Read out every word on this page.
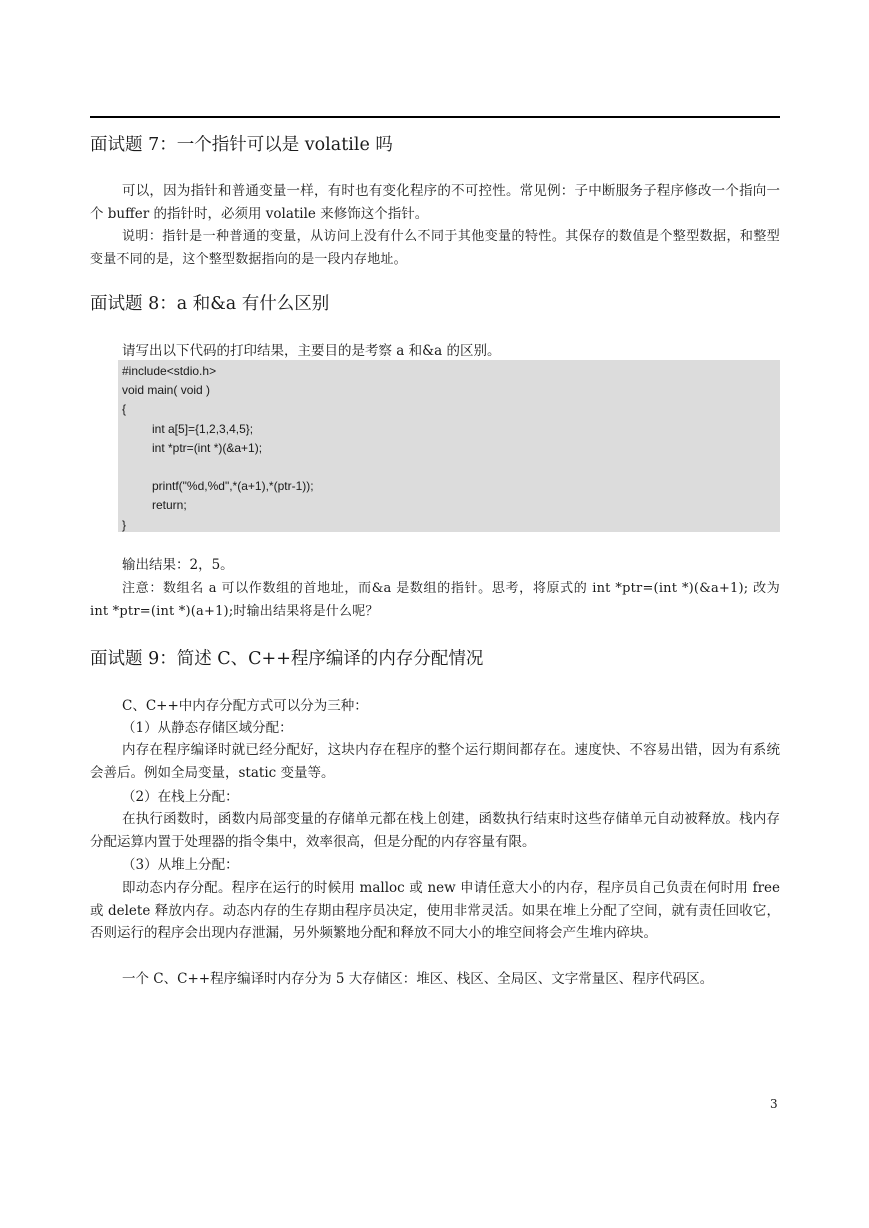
面试题 7：一个指针可以是 volatile 吗

可以，因为指针和普通变量一样，有时也有变化程序的不可控性。常见例：子中断服务子程序修改一个指向一个 buffer 的指针时，必须用 volatile 来修饰这个指针。

说明：指针是一种普通的变量，从访问上没有什么不同于其他变量的特性。其保存的数值是个整型数据，和整型变量不同的是，这个整型数据指向的是一段内存地址。

面试题 8：a 和&a 有什么区别
请写出以下代码的打印结果，主要目的是考察 a 和&a 的区别。
#include<stdio.h>
void main( void )
{
int a[5]={1,2,3,4,5};
int *ptr=(int *)(&a+1);
printf("%d,%d",*(a+1),*(ptr-1));
return;
}
输出结果：2，5。

注意：数组名 a 可以作数组的首地址，而&a 是数组的指针。思考，将原式的 int *ptr=(int *)(&a+1); 改为 int *ptr=(int *)(a+1);时输出结果将是什么呢？

面试题 9：简述 C、C++程序编译的内存分配情况
C、C++中内存分配方式可以分为三种：
（1）从静态存储区域分配：

内存在程序编译时就已经分配好，这块内存在程序的整个运行期间都存在。速度快、不容易出错，因为有系统会善后。例如全局变量，static 变量等。

（2）在栈上分配：

在执行函数时，函数内局部变量的存储单元都在栈上创建，函数执行结束时这些存储单元自动被释放。栈内存分配运算内置于处理器的指令集中，效率很高，但是分配的内存容量有限。

（3）从堆上分配：

即动态内存分配。程序在运行的时候用 malloc 或 new 申请任意大小的内存，程序员自己负责在何时用 free 或 delete 释放内存。动态内存的生存期由程序员决定，使用非常灵活。如果在堆上分配了空间，就有责任回收它，否则运行的程序会出现内存泄漏，另外频繁地分配和释放不同大小的堆空间将会产生堆内碎块。

一个 C、C++程序编译时内存分为 5 大存储区：堆区、栈区、全局区、文字常量区、程序代码区。
3
